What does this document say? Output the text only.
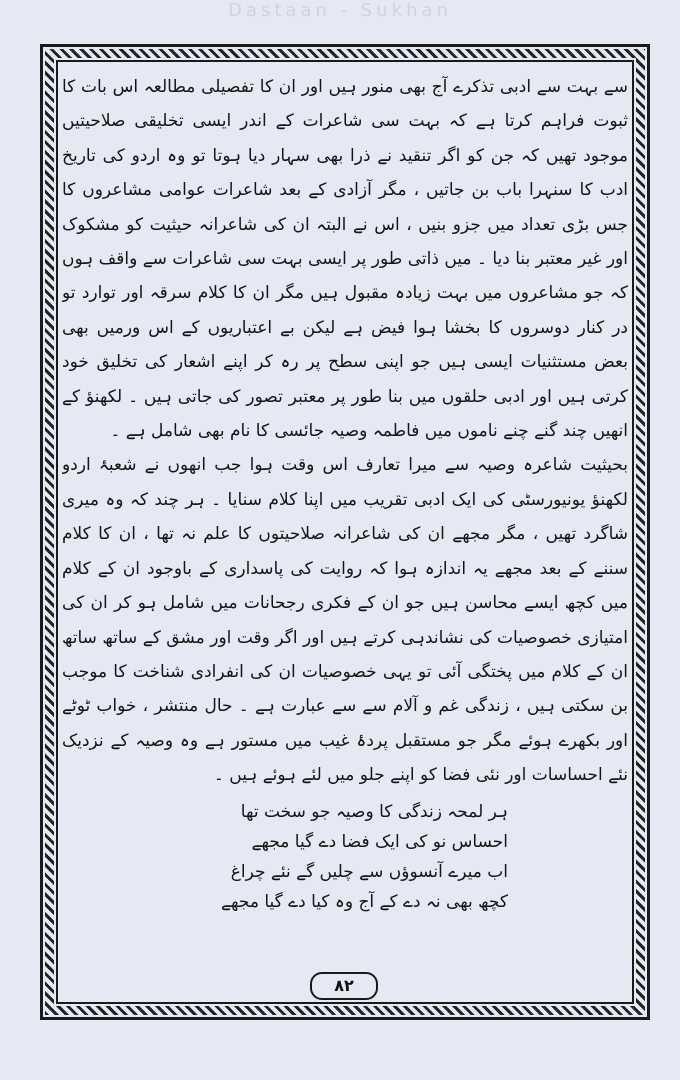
Dastaan - Sukhan

سے بہت سے ادبی تذکرے آج بھی منور ہیں اور ان کا تفصیلی مطالعہ اس بات کا ثبوت فراہم کرتا ہے کہ بہت سی شاعرات کے اندر ایسی تخلیقی صلاحیتیں موجود تھیں کہ جن کو اگر تنقید نے ذرا بھی سہار دیا ہوتا تو وہ اردو کی تاریخ ادب کا سنہرا باب بن جاتیں ، مگر آزادی کے بعد شاعرات عوامی مشاعروں کا جس بڑی تعداد میں جزو بنیں ، اس نے البتہ ان کی شاعرانہ حیثیت کو مشکوک اور غیر معتبر بنا دیا ۔ میں ذاتی طور پر ایسی بہت سی شاعرات سے واقف ہوں کہ جو مشاعروں میں بہت زیادہ مقبول ہیں مگر ان کا کلام سرقہ اور توارد تو در کنار دوسروں کا بخشا ہوا فیض ہے لیکن بے اعتباریوں کے اس ورمیں بھی بعض مستثنیات ایسی ہیں جو اپنی سطح پر رہ کر اپنے اشعار کی تخلیق خود کرتی ہیں اور ادبی حلقوں میں بنا طور پر معتبر تصور کی جاتی ہیں ۔ لکھنؤ کے انھیں چند گنے چنے ناموں میں فاطمہ وصیہ جائسی کا نام بھی شامل ہے ۔

بحیثیت شاعرہ وصیہ سے میرا تعارف اس وقت ہوا جب انھوں نے شعبۂ اردو لکھنؤ یونیورسٹی کی ایک ادبی تقریب میں اپنا کلام سنایا ۔ ہر چند کہ وہ میری شاگرد تھیں ، مگر مجھے ان کی شاعرانہ صلاحیتوں کا علم نہ تھا ، ان کا کلام سننے کے بعد مجھے یہ اندازہ ہوا کہ روایت کی پاسداری کے باوجود ان کے کلام میں کچھ ایسے محاسن ہیں جو ان کے فکری رجحانات میں شامل ہو کر ان کی امتیازی خصوصیات کی نشاندہی کرتے ہیں اور اگر وقت اور مشق کے ساتھ ساتھ ان کے کلام میں پختگی آئی تو یہی خصوصیات ان کی انفرادی شناخت کا موجب بن سکتی ہیں ، زندگی غم و آلام سے سے عبارت ہے ۔ حال منتشر ، خواب ٹوٹے اور بکھرے ہوئے مگر جو مستقبل پردۂ غیب میں مستور ہے وہ وصیہ کے نزدیک نئے احساسات اور نئی فضا کو اپنے جلو میں لئے ہوئے ہیں ۔

ہر لمحہ زندگی کا وصیہ جو سخت تھا
احساس نو کی ایک فضا دے گیا مجھے
اب میرے آنسوؤں سے چلیں گے نئے چراغ
کچھ بھی نہ دے کے آج وہ کیا دے گیا مجھے
۸۲
